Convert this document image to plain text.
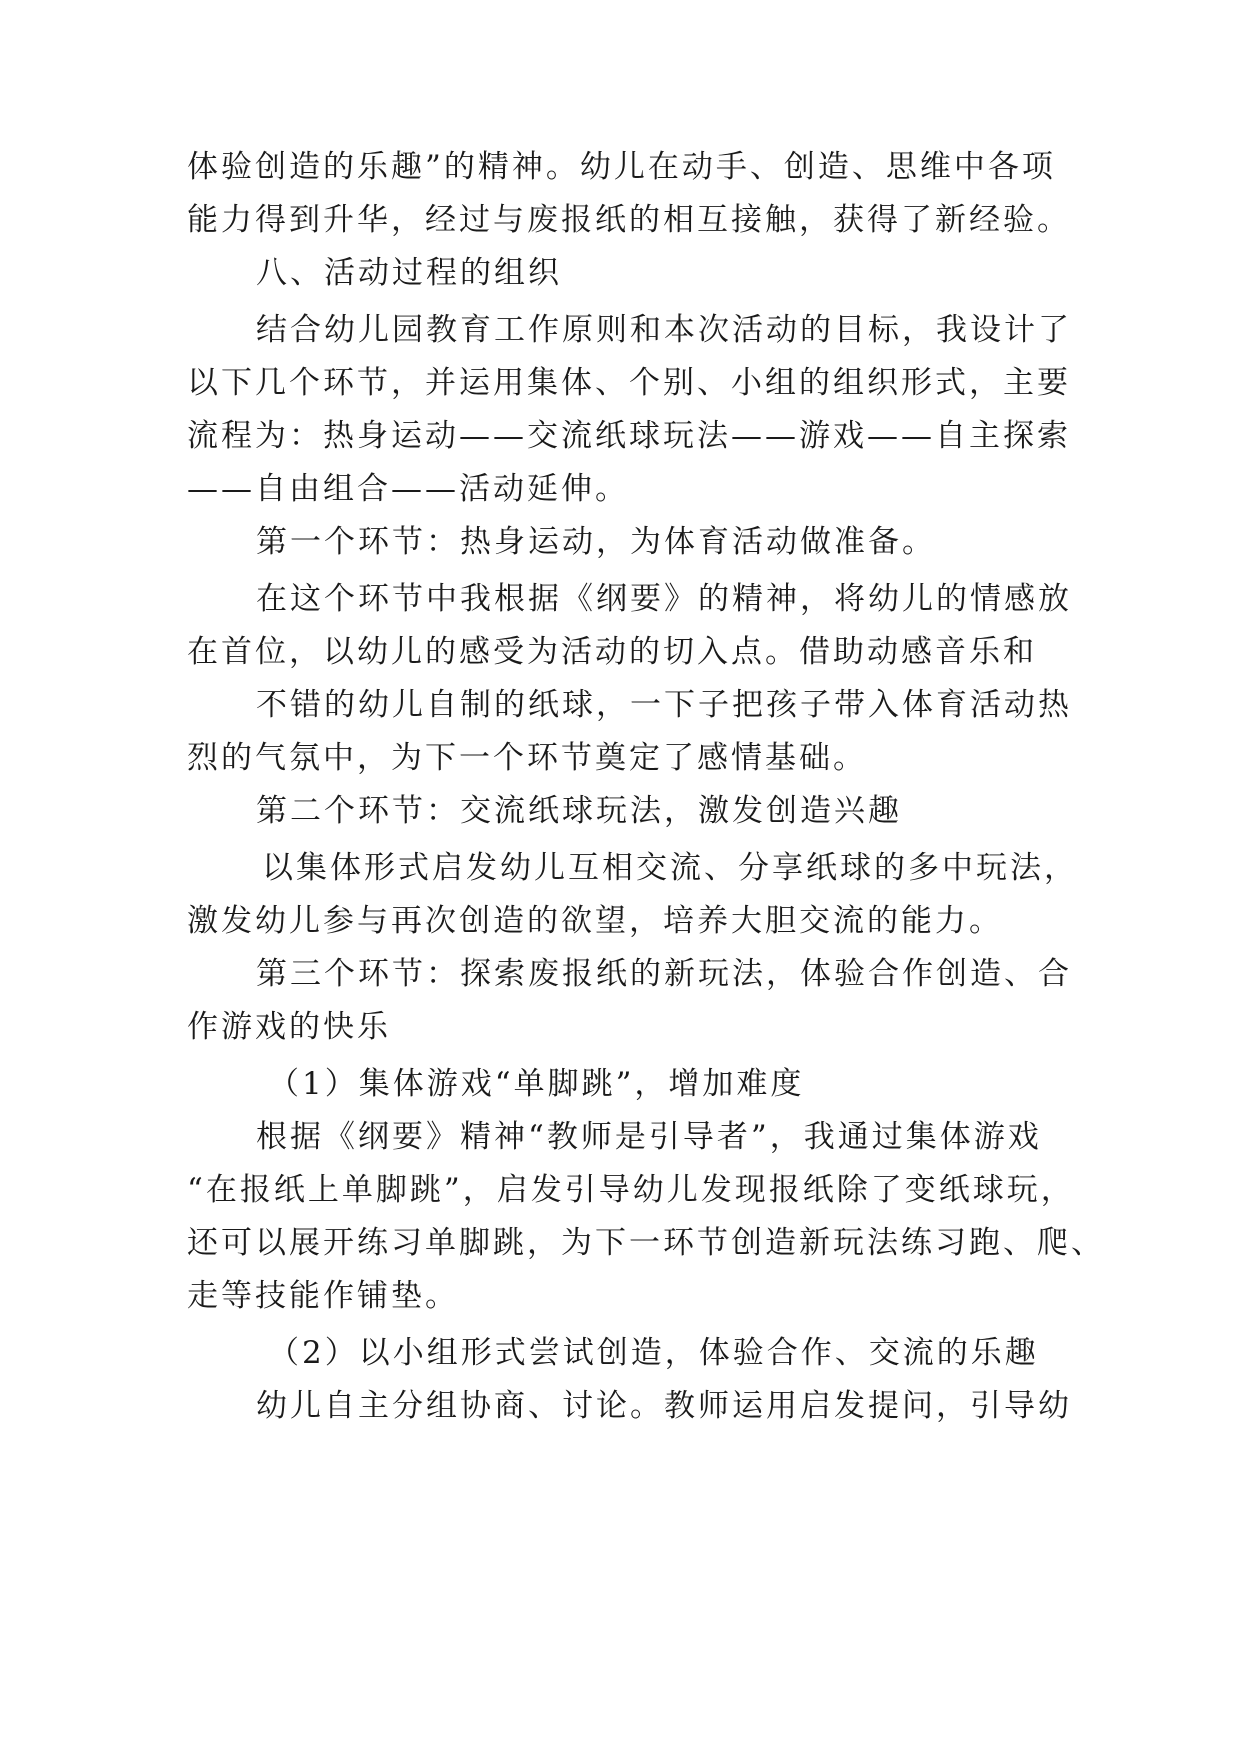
体验创造的乐趣”的精神。幼儿在动手、创造、思维中各项
能力得到升华，经过与废报纸的相互接触，获得了新经验。
八、活动过程的组织
结合幼儿园教育工作原则和本次活动的目标，我设计了
以下几个环节，并运用集体、个别、小组的组织形式，主要
流程为：热身运动——交流纸球玩法——游戏——自主探索
——自由组合——活动延伸。
第一个环节：热身运动，为体育活动做准备。
在这个环节中我根据《纲要》的精神，将幼儿的情感放
在首位，以幼儿的感受为活动的切入点。借助动感音乐和
不错的幼儿自制的纸球，一下子把孩子带入体育活动热
烈的气氛中，为下一个环节奠定了感情基础。
第二个环节：交流纸球玩法，激发创造兴趣
以集体形式启发幼儿互相交流、分享纸球的多中玩法，
激发幼儿参与再次创造的欲望，培养大胆交流的能力。
第三个环节：探索废报纸的新玩法，体验合作创造、合
作游戏的快乐
（1）集体游戏“单脚跳”，增加难度
根据《纲要》精神“教师是引导者”，我通过集体游戏
“在报纸上单脚跳”，启发引导幼儿发现报纸除了变纸球玩，
还可以展开练习单脚跳，为下一环节创造新玩法练习跑、爬、
走等技能作铺垫。
（2）以小组形式尝试创造，体验合作、交流的乐趣
幼儿自主分组协商、讨论。教师运用启发提问，引导幼
